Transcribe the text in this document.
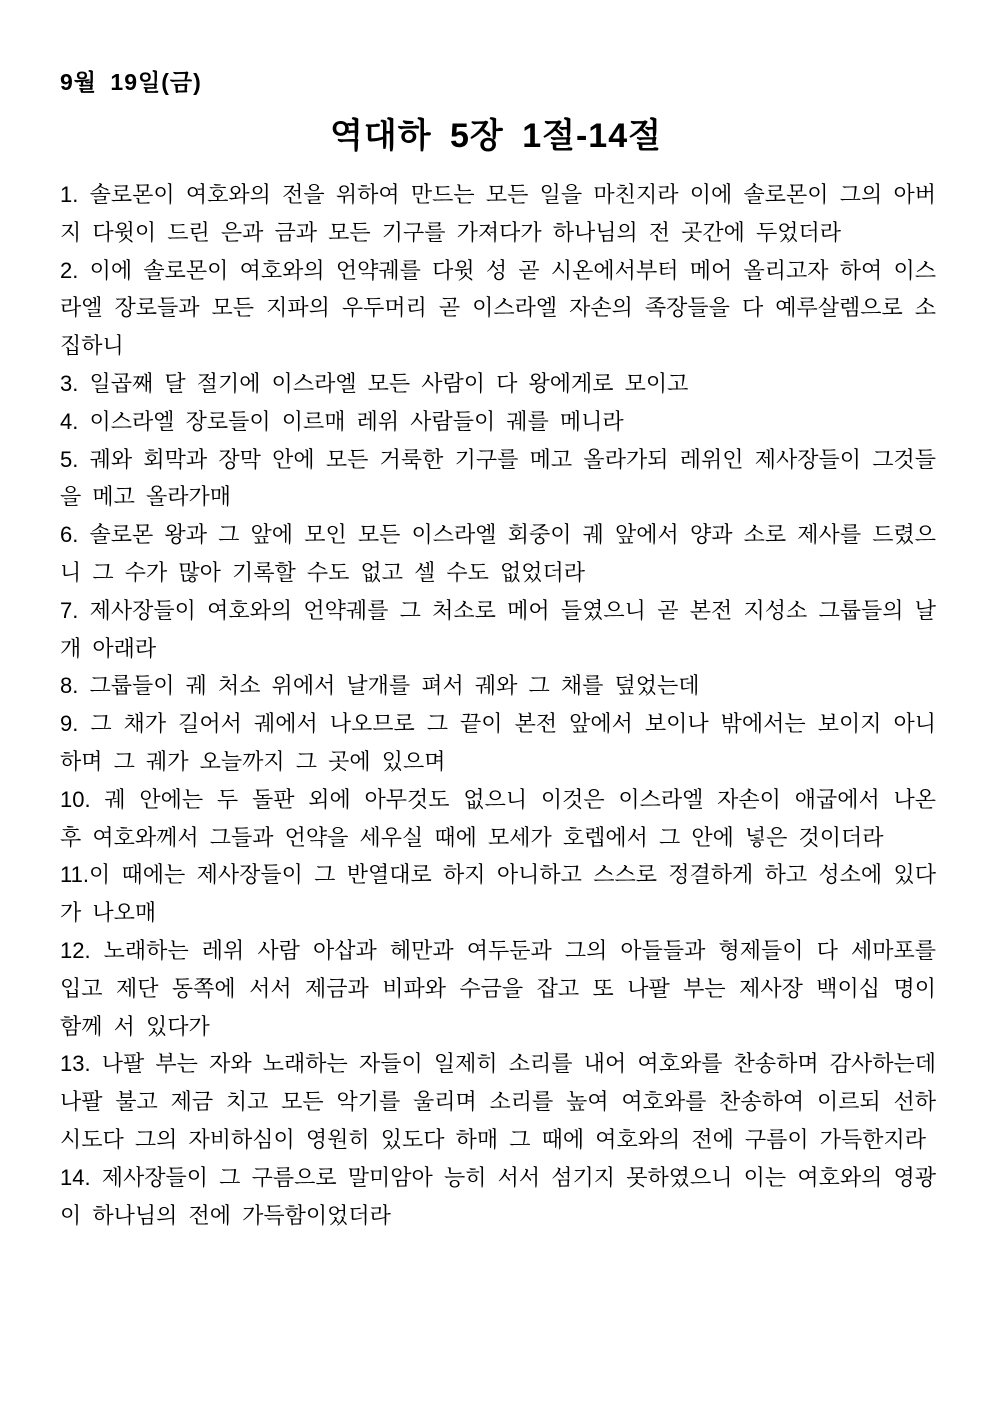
9월 19일(금)
역대하 5장 1절-14절

1. 솔로몬이 여호와의 전을 위하여 만드는 모든 일을 마친지라 이에 솔로몬이 그의 아버지 다윗이 드린 은과 금과 모든 기구를 가져다가 하나님의 전 곳간에 두었더라

2. 이에 솔로몬이 여호와의 언약궤를 다윗 성 곧 시온에서부터 메어 올리고자 하여 이스라엘 장로들과 모든 지파의 우두머리 곧 이스라엘 자손의 족장들을 다 예루살렘으로 소집하니

3. 일곱째 달 절기에 이스라엘 모든 사람이 다 왕에게로 모이고

4. 이스라엘 장로들이 이르매 레위 사람들이 궤를 메니라

5. 궤와 회막과 장막 안에 모든 거룩한 기구를 메고 올라가되 레위인 제사장들이 그것들을 메고 올라가매

6. 솔로몬 왕과 그 앞에 모인 모든 이스라엘 회중이 궤 앞에서 양과 소로 제사를 드렸으니 그 수가 많아 기록할 수도 없고 셀 수도 없었더라

7. 제사장들이 여호와의 언약궤를 그 처소로 메어 들였으니 곧 본전 지성소 그룹들의 날개 아래라

8. 그룹들이 궤 처소 위에서 날개를 펴서 궤와 그 채를 덮었는데

9. 그 채가 길어서 궤에서 나오므로 그 끝이 본전 앞에서 보이나 밖에서는 보이지 아니하며 그 궤가 오늘까지 그 곳에 있으며

10. 궤 안에는 두 돌판 외에 아무것도 없으니 이것은 이스라엘 자손이 애굽에서 나온 후 여호와께서 그들과 언약을 세우실 때에 모세가 호렙에서 그 안에 넣은 것이더라

11.이 때에는 제사장들이 그 반열대로 하지 아니하고 스스로 정결하게 하고 성소에 있다가 나오매

12. 노래하는 레위 사람 아삽과 헤만과 여두둔과 그의 아들들과 형제들이 다 세마포를 입고 제단 동쪽에 서서 제금과 비파와 수금을 잡고 또 나팔 부는 제사장 백이십 명이 함께 서 있다가

13. 나팔 부는 자와 노래하는 자들이 일제히 소리를 내어 여호와를 찬송하며 감사하는데 나팔 불고 제금 치고 모든 악기를 울리며 소리를 높여 여호와를 찬송하여 이르되 선하시도다 그의 자비하심이 영원히 있도다 하매 그 때에 여호와의 전에 구름이 가득한지라

14. 제사장들이 그 구름으로 말미암아 능히 서서 섬기지 못하였으니 이는 여호와의 영광이 하나님의 전에 가득함이었더라
